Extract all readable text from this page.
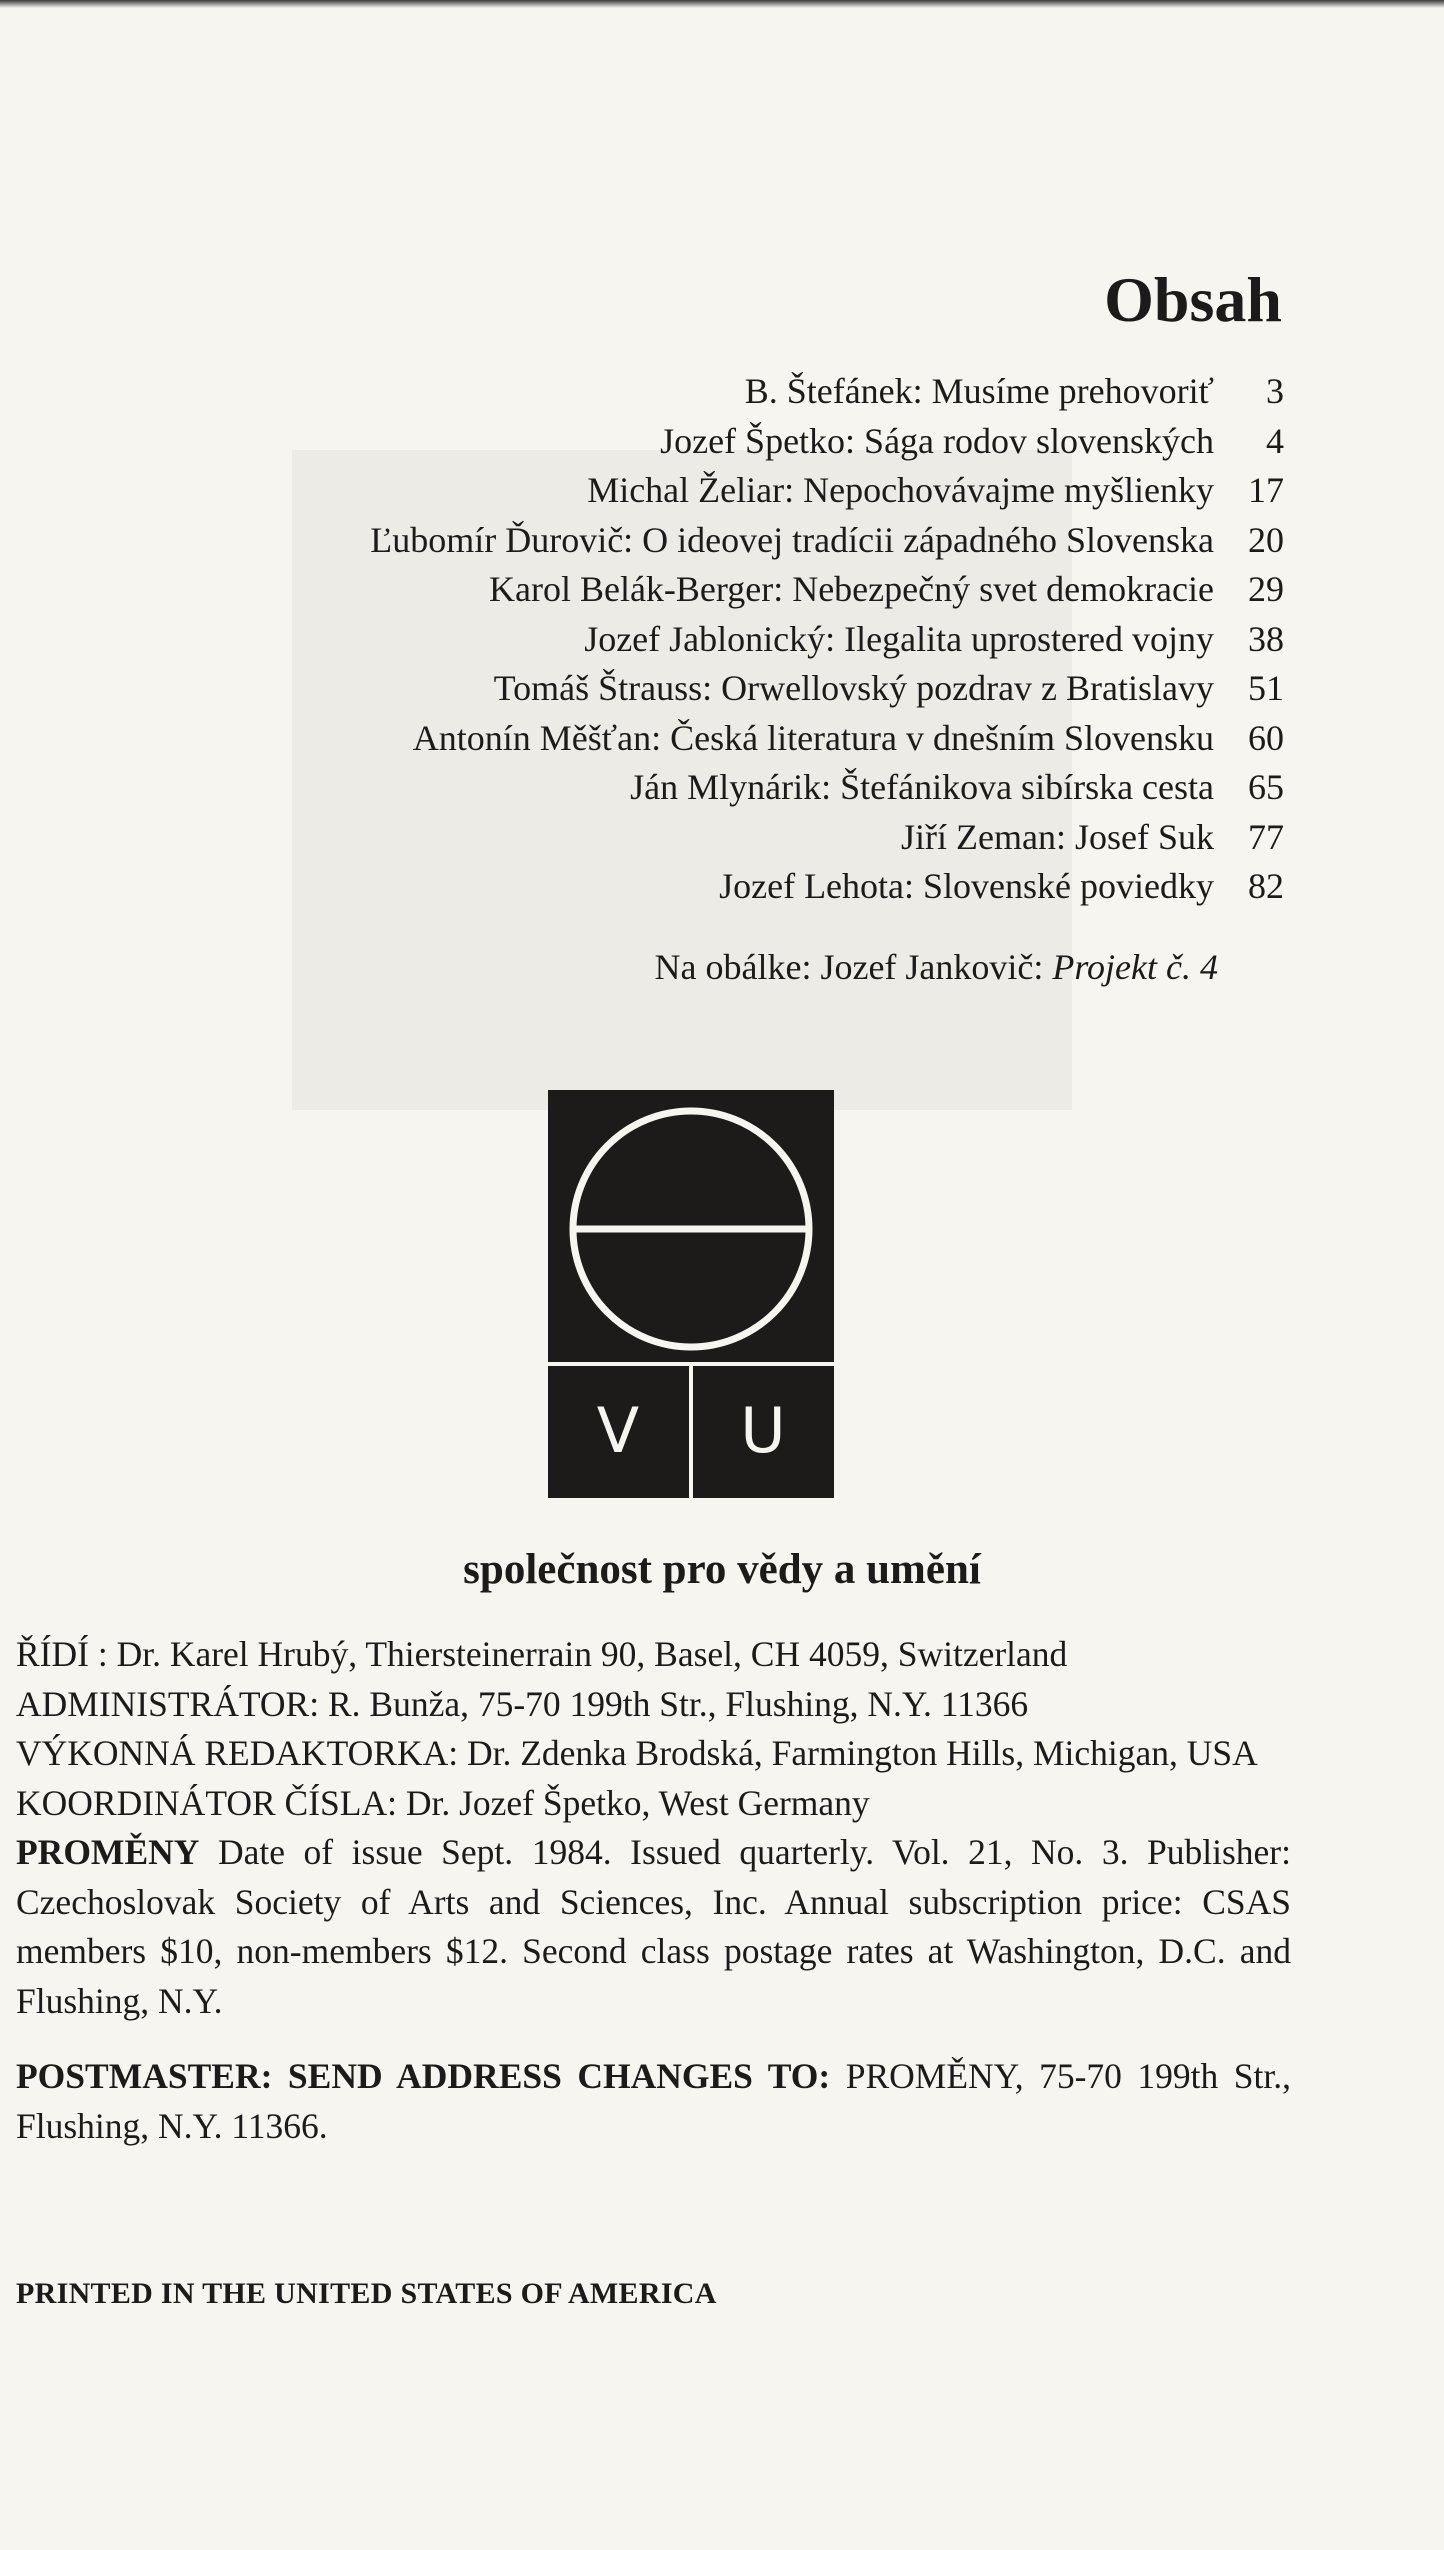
Obsah
B. Štefánek: Musíme prehovoriť	3
Jozef Špetko: Sága rodov slovenských	4
Michal Želiar: Nepochovávajme myšlienky 17
Ľubomír Ďurovič: O ideovej tradícii západného Slovenska 20
Karol Belák-Berger: Nebezpečný svet demokracie 29
Jozef Jablonický: Ilegalita uprostered vojny 38
Tomáš Štrauss: Orwellovský pozdrav z Bratislavy 51
Antonín Měšťan: Česká literatura v dnešním Slovensku 60
Ján Mlynárik: Štefánikova sibírska cesta 65
Jiří Zeman: Josef Suk 77
Jozef Lehota: Slovenské poviedky 82

Na obálke: Jozef Jankovič: Projekt č. 4

V U

společnost pro vědy a umění

ŘÍDÍ : Dr. Karel Hrubý, Thiersteinerrain 90, Basel, CH 4059, Switzerland

ADMINISTRÁTOR: R. Bunža, 75-70 199th Str., Flushing, N.Y. 11366

VÝKONNÁ REDAKTORKA: Dr. Zdenka Brodská, Farmington Hills, Michigan, USA

KOORDINÁTOR ČÍSLA: Dr. Jozef Špetko, West Germany

PROMĚNY Date of issue Sept. 1984. Issued quarterly. Vol. 21, No. 3. Publisher: Czechoslovak Society of Arts and Sciences, Inc. Annual subscription price: CSAS members $10, non-members $12. Second class postage rates at Washington, D.C. and Flushing, N.Y.

POSTMASTER: SEND ADDRESS CHANGES TO: PROMĚNY, 75-70 199th Str., Flushing, N.Y. 11366.

PRINTED IN THE UNITED STATES OF AMERICA
